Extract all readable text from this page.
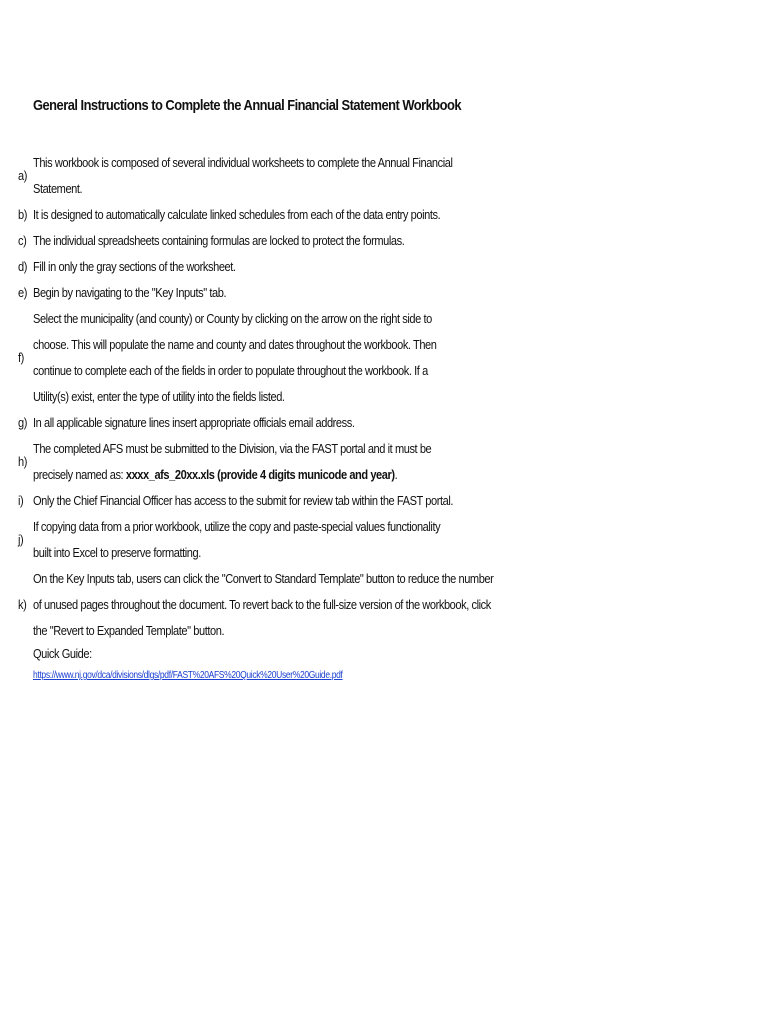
General Instructions to Complete the Annual Financial Statement Workbook
a)
This workbook is composed of several individual worksheets to complete the Annual Financial
Statement.
b) It is designed to automatically calculate linked schedules from each of the data entry points.
c) The individual spreadsheets containing formulas are locked to protect the formulas.
d) Fill in only the gray sections of the worksheet.
e) Begin by navigating to the "Key Inputs" tab.
f)
Select the municipality (and county) or County by clicking on the arrow on the right side to
choose. This will populate the name and county and dates throughout the workbook. Then
continue to complete each of the fields in order to populate throughout the workbook. If a
Utility(s) exist, enter the type of utility into the fields listed.
g) In all applicable signature lines insert appropriate officials email address.
h)
The completed AFS must be submitted to the Division, via the FAST portal and it must be
precisely named as: xxxx_afs_20xx.xls (provide 4 digits municode and year).
i) Only the Chief Financial Officer has access to the submit for review tab within the FAST portal.
j)
If copying data from a prior workbook, utilize the copy and paste-special values functionality
built into Excel to preserve formatting.
k)
On the Key Inputs tab, users can click the "Convert to Standard Template" button to reduce the number
of unused pages throughout the document. To revert back to the full-size version of the workbook, click
the "Revert to Expanded Template" button.
Quick Guide:
https://www.nj.gov/dca/divisions/dlgs/pdf/FAST%20AFS%20Quick%20User%20Guide.pdf
